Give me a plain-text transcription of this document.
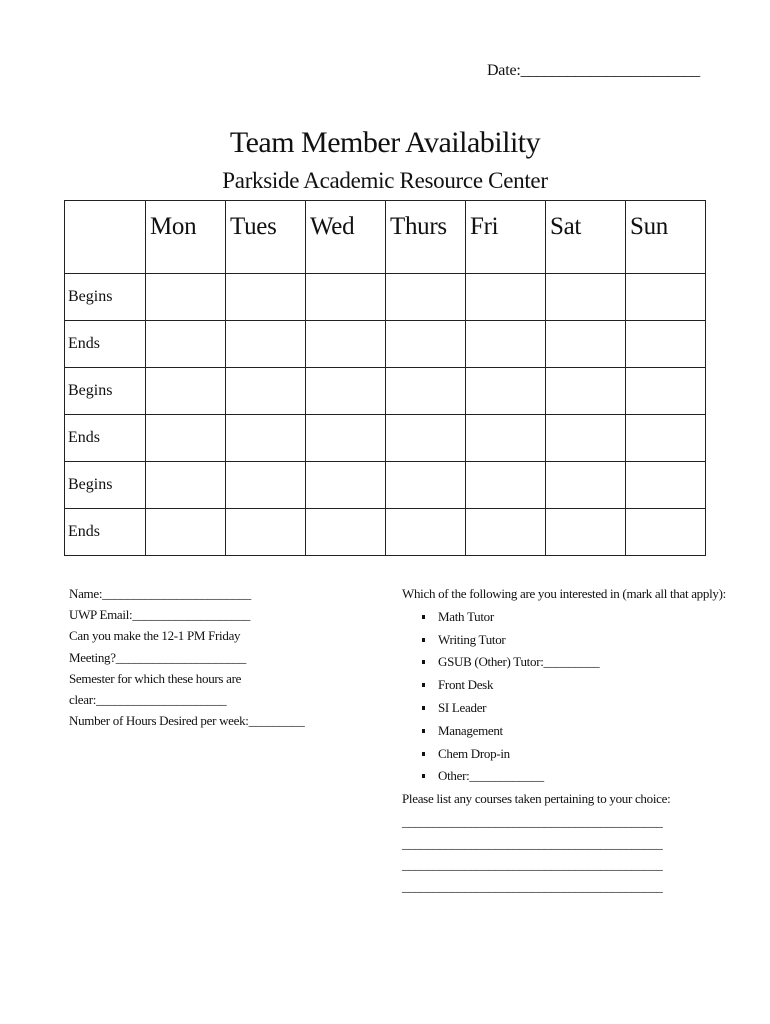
Date:_______________________
Team Member Availability
Parkside Academic Resource Center
	Mon	Tues	Wed	Thurs	Fri	Sat	Sun
Begins							
Ends							
Begins							
Ends							
Begins							
Ends							
Name:________________________
UWP Email:___________________
Can you make the 12-1 PM Friday
Meeting?_____________________
Semester for which these hours are
clear:_____________________
Number of Hours Desired per week:_________
Which of the following are you interested in (mark all that apply):
Math Tutor
Writing Tutor
GSUB (Other) Tutor:_________
Front Desk
SI Leader
Management
Chem Drop-in
Other:____________
Please list any courses taken pertaining to your choice:
__________________________________________
__________________________________________
__________________________________________
__________________________________________
